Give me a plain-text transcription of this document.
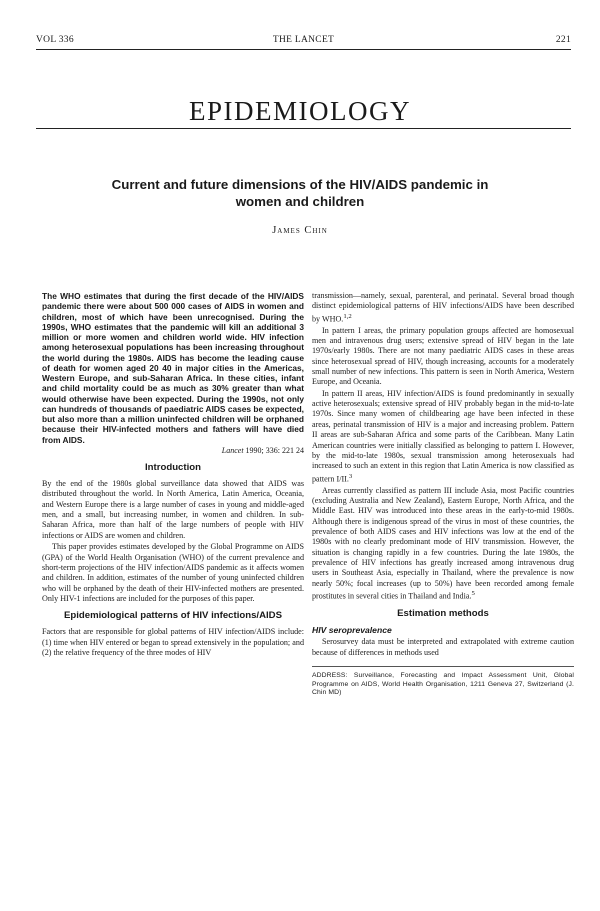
VOL 336	THE LANCET	221
EPIDEMIOLOGY
Current and future dimensions of the HIV/AIDS pandemic in women and children
James Chin

The WHO estimates that during the first decade of the HIV/AIDS pandemic there were about 500 000 cases of AIDS in women and children, most of which have been unrecognised. During the 1990s, WHO estimates that the pandemic will kill an additional 3 million or more women and children world wide. HIV infection among heterosexual populations has been increasing throughout the world during the 1980s. AIDS has become the leading cause of death for women aged 20 40 in major cities in the Americas, Western Europe, and sub-Saharan Africa. In these cities, infant and child mortality could be as much as 30% greater than what would otherwise have been expected. During the 1990s, not only can hundreds of thousands of paediatric AIDS cases be expected, but also more than a million uninfected children will be orphaned because their HIV-infected mothers and fathers will have died from AIDS.

Lancet 1990; 336: 221 24

Introduction

By the end of the 1980s global surveillance data showed that AIDS was distributed throughout the world. In North America, Latin America, Oceania, and Western Europe there is a large number of cases in young and middle-aged men, and a small, but increasing number, in women and children. In sub-Saharan Africa, more than half of the large numbers of people with HIV infections or AIDS are women and children.

This paper provides estimates developed by the Global Programme on AIDS (GPA) of the World Health Organisation (WHO) of the current prevalence and short-term projections of the HIV infection/AIDS pandemic as it affects women and children. In addition, estimates of the number of young uninfected children who will be orphaned by the death of their HIV-infected mothers are presented. Only HIV-1 infections are included for the purposes of this paper.

Epidemiological patterns of HIV infections/AIDS

Factors that are responsible for global patterns of HIV infection/AIDS include: (1) time when HIV entered or began to spread extensively in the population; and (2) the relative frequency of the three modes of HIV

transmission—namely, sexual, parenteral, and perinatal. Several broad though distinct epidemiological patterns of HIV infections/AIDS have been described by WHO.$^{1,2}$

In pattern I areas, the primary population groups affected are homosexual men and intravenous drug users; extensive spread of HIV began in the late 1970s/early 1980s. There are not many paediatric AIDS cases in these areas since heterosexual spread of HIV, though increasing, accounts for a moderately small number of new infections. This pattern is seen in North America, Western Europe, and Oceania.

In pattern II areas, HIV infection/AIDS is found predominantly in sexually active heterosexuals; extensive spread of HIV probably began in the mid-to-late 1970s. Since many women of childbearing age have been infected in these areas, perinatal transmission of HIV is a major and increasing problem. Pattern II areas are sub-Saharan Africa and some parts of the Caribbean. Many Latin American countries were initially classified as belonging to pattern I. However, by the mid-to-late 1980s, sexual transmission among heterosexuals had increased to such an extent in this region that Latin America is now classified as pattern I/II.$^3$

Areas currently classified as pattern III include Asia, most Pacific countries (excluding Australia and New Zealand), Eastern Europe, North Africa, and the Middle East. HIV was introduced into these areas in the early-to-mid 1980s. Although there is indigenous spread of the virus in most of these countries, the prevalence of both AIDS cases and HIV infections was low at the end of the 1980s with no clearly predominant mode of HIV transmission. However, the situation is changing rapidly in a few countries. During the late 1980s, the prevalence of HIV infections has greatly increased among intravenous drug users in Southeast Asia, especially in Thailand, where the prevalence is now nearly 50%; focal increases (up to 50%) have been recorded among female prostitutes in several cities in Thailand and India.$^5$

Estimation methods
HIV seroprevalence

Serosurvey data must be interpreted and extrapolated with extreme caution because of differences in methods used

ADDRESS: Surveillance, Forecasting and Impact Assessment Unit, Global Programme on AIDS, World Health Organisation, 1211 Geneva 27, Switzerland (J. Chin MD)
